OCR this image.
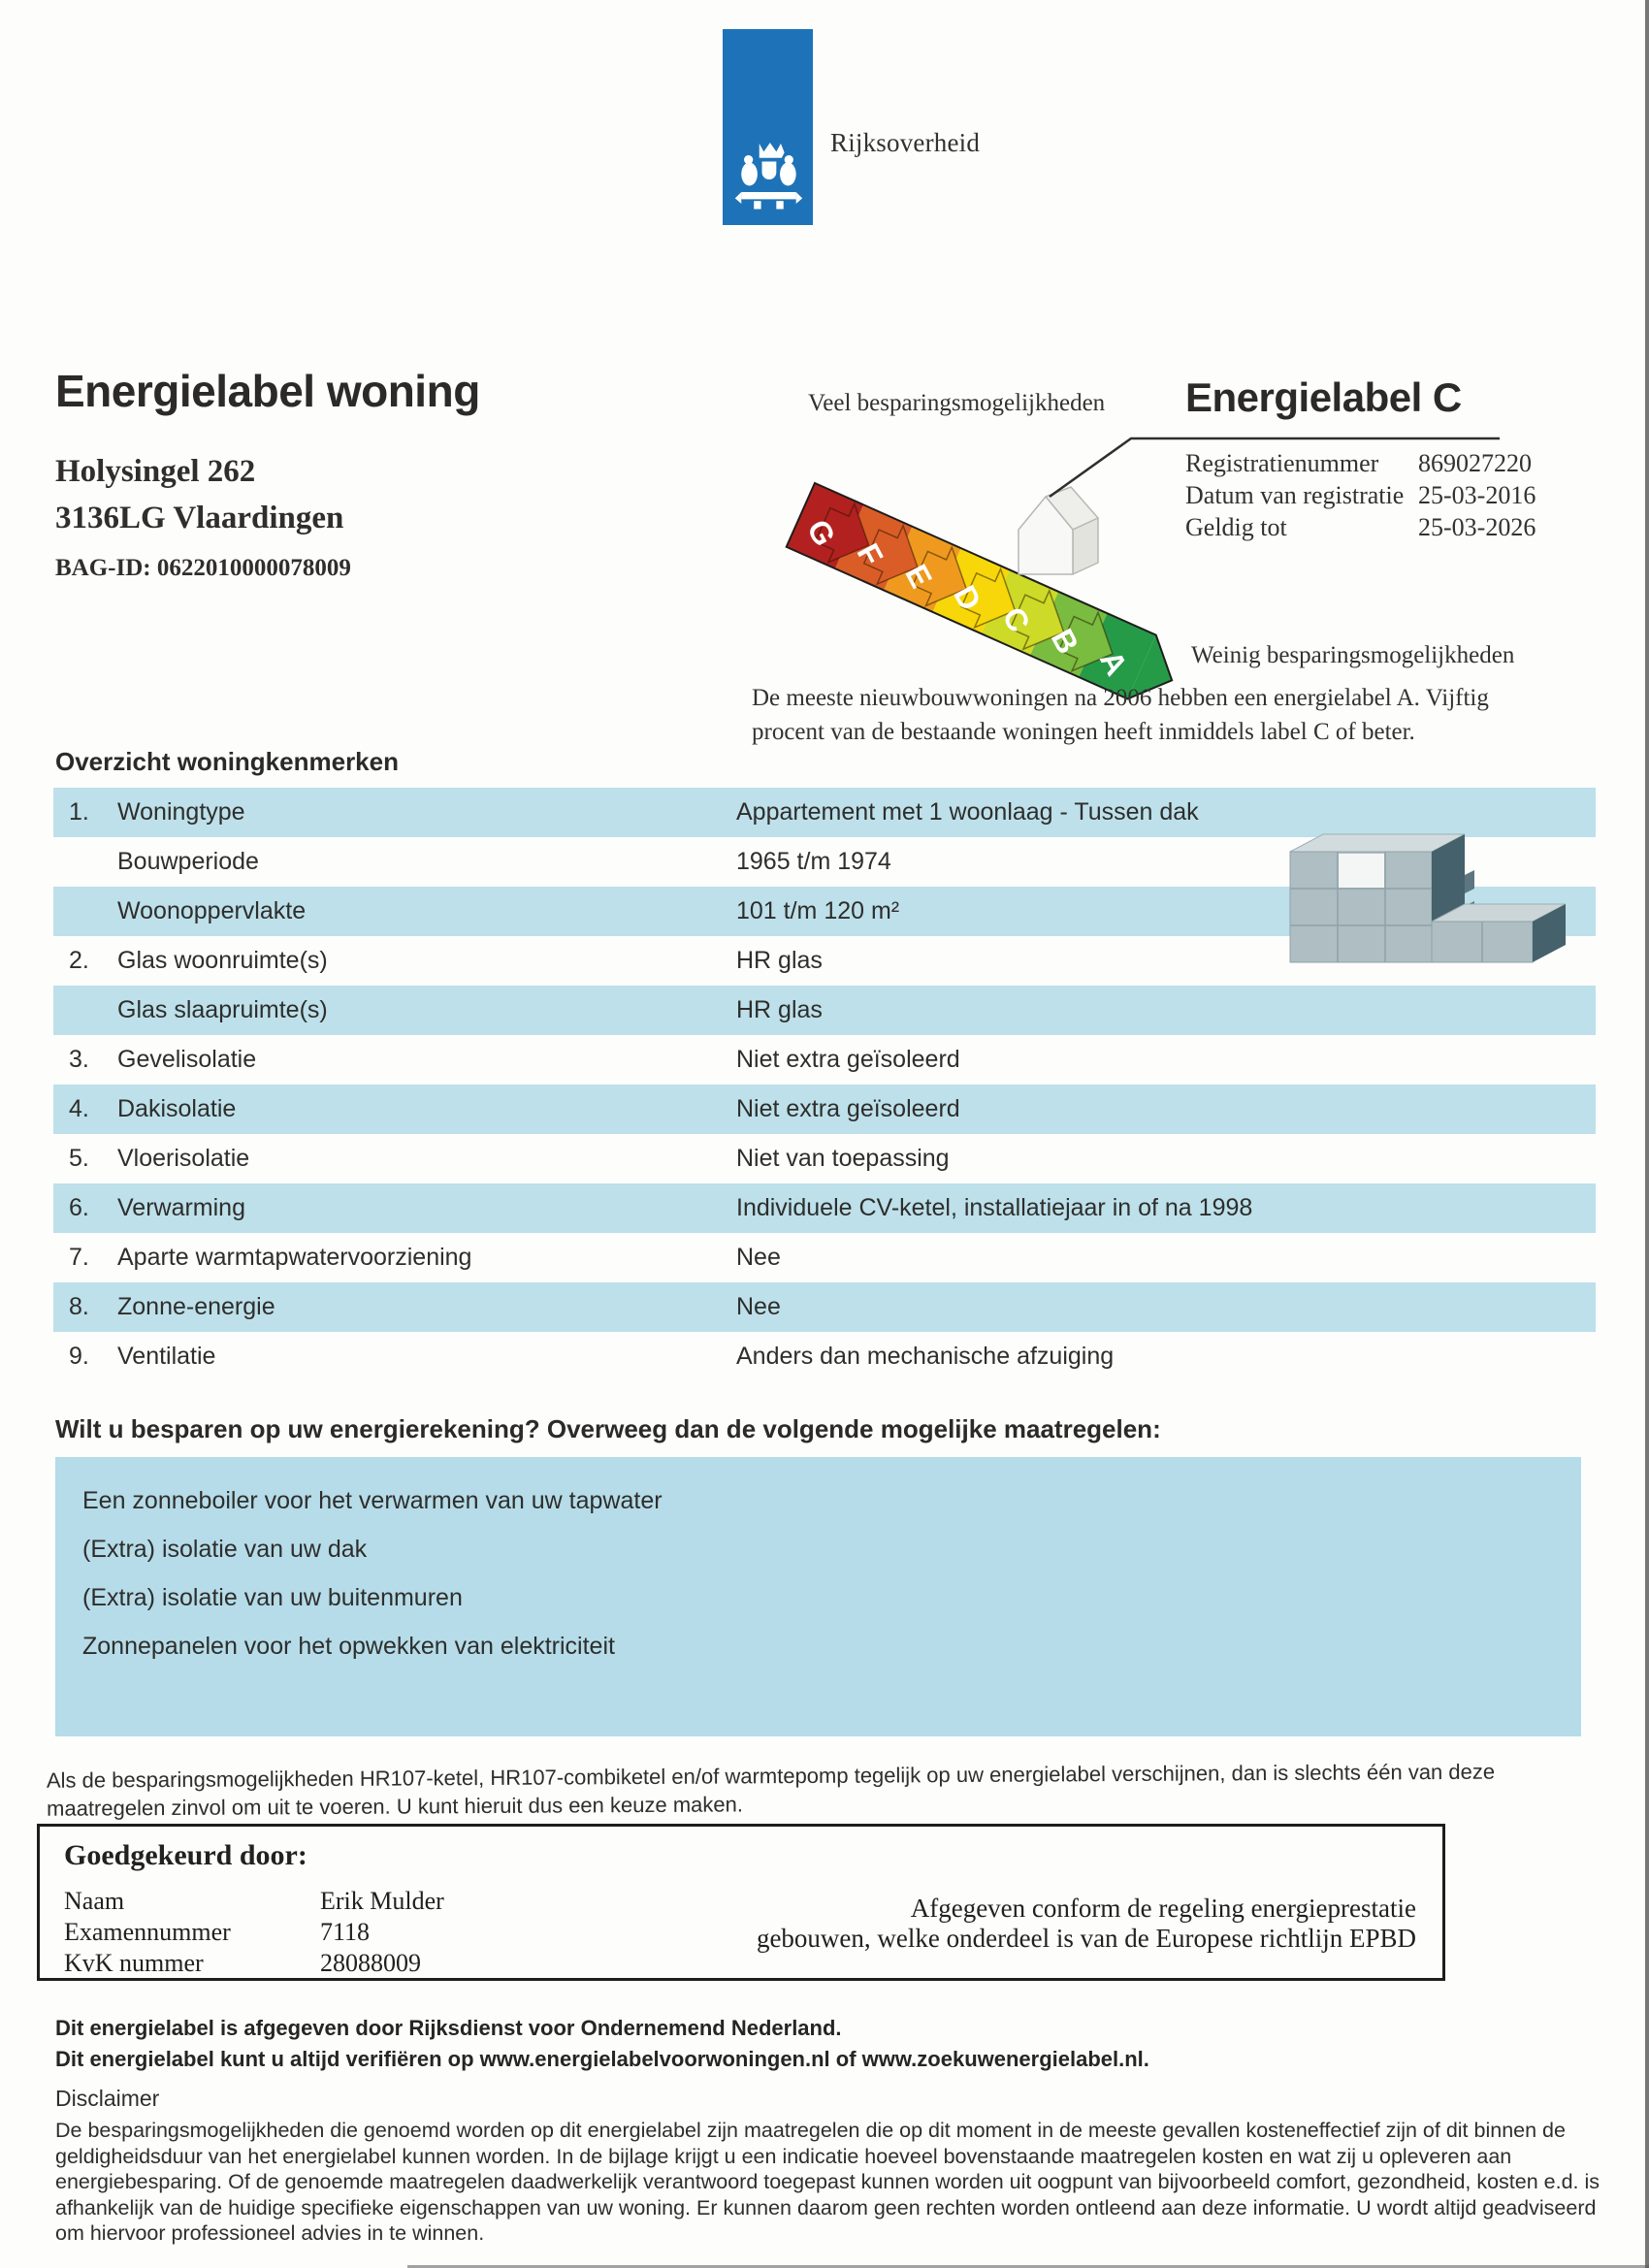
Rijksoverheid
Energielabel woning
Holysingel 262
3136LG Vlaardingen
BAG-ID: 0622010000078009
Veel besparingsmogelijkheden
Weinig besparingsmogelijkheden
G
F
E
D
C
B
A
Energielabel C
Registratienummer	869027220
Datum van registratie 25-03-2016
Geldig tot	25-03-2026
De meeste nieuwbouwwoningen na 2006 hebben een energielabel A. Vijftig procent van de bestaande woningen heeft inmiddels label C of beter.
Overzicht woningkenmerken
1.	Woningtype	Appartement met 1 woonlaag - Tussen dak
Bouwperiode	1965 t/m 1974
Woonoppervlakte	101 t/m 120 m²
2.	Glas woonruimte(s)	HR glas
Glas slaapruimte(s)	HR glas
3.	Gevelisolatie	Niet extra geïsoleerd
4.	Dakisolatie	Niet extra geïsoleerd
5.	Vloerisolatie	Niet van toepassing
6.	Verwarming	Individuele CV-ketel, installatiejaar in of na 1998
7.	Aparte warmtapwatervoorziening	Nee
8.	Zonne-energie	Nee
9.	Ventilatie	Anders dan mechanische afzuiging
Wilt u besparen op uw energierekening? Overweeg dan de volgende mogelijke maatregelen:
Een zonneboiler voor het verwarmen van uw tapwater
(Extra) isolatie van uw dak
(Extra) isolatie van uw buitenmuren
Zonnepanelen voor het opwekken van elektriciteit
Als de besparingsmogelijkheden HR107-ketel, HR107-combiketel en/of warmtepomp tegelijk op uw energielabel verschijnen, dan is slechts één van deze maatregelen zinvol om uit te voeren. U kunt hieruit dus een keuze maken.
Goedgekeurd door:
Naam	Erik Mulder
Examennummer	7118
KvK nummer	28088009
Afgegeven conform de regeling energieprestatie
gebouwen, welke onderdeel is van de Europese richtlijn EPBD
Dit energielabel is afgegeven door Rijksdienst voor Ondernemend Nederland.
Dit energielabel kunt u altijd verifiëren op www.energielabelvoorwoningen.nl of www.zoekuwenergielabel.nl.
Disclaimer
De besparingsmogelijkheden die genoemd worden op dit energielabel zijn maatregelen die op dit moment in de meeste gevallen kosteneffectief zijn of dit binnen de geldigheidsduur van het energielabel kunnen worden. In de bijlage krijgt u een indicatie hoeveel bovenstaande maatregelen kosten en wat zij u opleveren aan energiebesparing. Of de genoemde maatregelen daadwerkelijk verantwoord toegepast kunnen worden uit oogpunt van bijvoorbeeld comfort, gezondheid, kosten e.d. is afhankelijk van de huidige specifieke eigenschappen van uw woning. Er kunnen daarom geen rechten worden ontleend aan deze informatie. U wordt altijd geadviseerd om hiervoor professioneel advies in te winnen.
